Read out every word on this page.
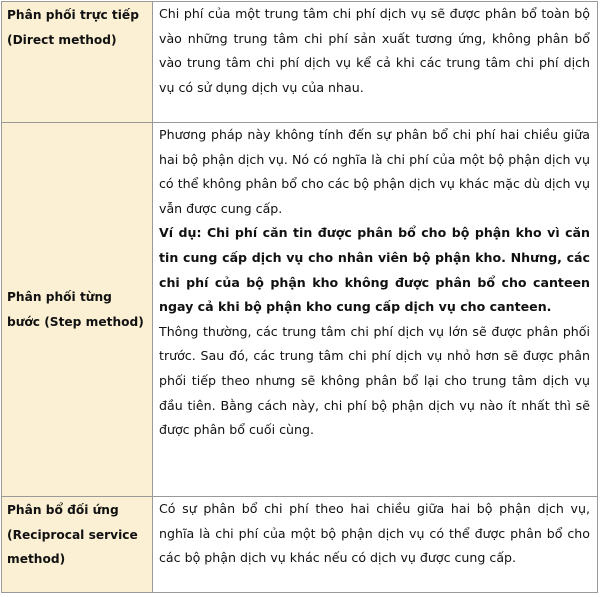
Phân phối trực tiếp (Direct method)	Chi phí của một trung tâm chi phí dịch vụ sẽ được phân bổ toàn bộ vào những trung tâm chi phí sản xuất tương ứng, không phân bổ vào trung tâm chi phí dịch vụ kể cả khi các trung tâm chi phí dịch vụ có sử dụng dịch vụ của nhau.

Phân phối từng bước (Step method)	Phương pháp này không tính đến sự phân bổ chi phí hai chiều giữa hai bộ phận dịch vụ. Nó có nghĩa là chi phí của một bộ phận dịch vụ có thể không phân bổ cho các bộ phận dịch vụ khác mặc dù dịch vụ vẫn được cung cấp.

Ví dụ: Chi phí căn tin được phân bổ cho bộ phận kho vì căn tin cung cấp dịch vụ cho nhân viên bộ phận kho. Nhưng, các chi phí của bộ phận kho không được phân bổ cho canteen ngay cả khi bộ phận kho cung cấp dịch vụ cho canteen.

Thông thường, các trung tâm chi phí dịch vụ lớn sẽ được phân phối trước. Sau đó, các trung tâm chi phí dịch vụ nhỏ hơn sẽ được phân phối tiếp theo nhưng sẽ không phân bổ lại cho trung tâm dịch vụ đầu tiên. Bằng cách này, chi phí bộ phận dịch vụ nào ít nhất thì sẽ được phân bổ cuối cùng.

Phân bổ đối ứng (Reciprocal service method)	Có sự phân bổ chi phí theo hai chiều giữa hai bộ phận dịch vụ, nghĩa là chi phí của một bộ phận dịch vụ có thể được phân bổ cho các bộ phận dịch vụ khác nếu có dịch vụ được cung cấp.
